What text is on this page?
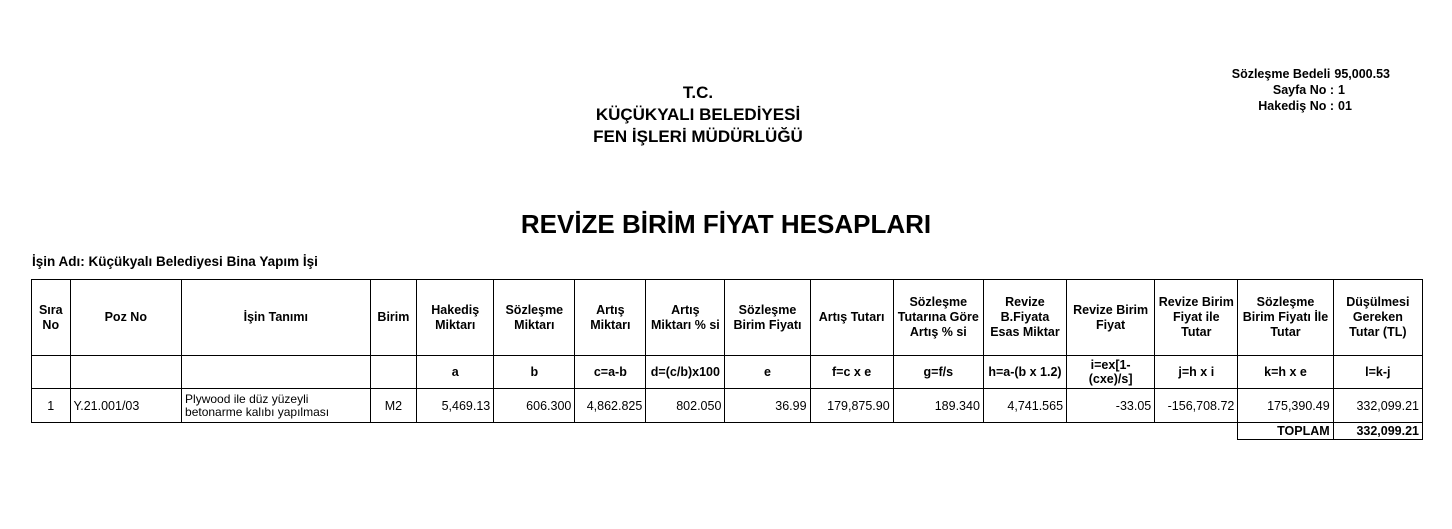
T.C.
KÜÇÜKYALI BELEDİYESİ
FEN İŞLERİ MÜDÜRLÜĞÜ
Sözleşme Bedeli 95,000.53
Sayfa No : 1
Hakediş No : 01
REVİZE BİRİM FİYAT HESAPLARI
İşin Adı: Küçükyalı Belediyesi Bina Yapım İşi
Sıra No	Poz No	İşin Tanımı	Birim	Hakediş Miktarı	Sözleşme Miktarı	Artış Miktarı	Artış Miktarı % si	Sözleşme Birim Fiyatı	Artış Tutarı	Sözleşme Tutarına Göre Artış % si	Revize B.Fiyata Esas Miktar	Revize Birim Fiyat	Revize Birim Fiyat ile Tutar	Sözleşme Birim Fiyatı İle Tutar	Düşülmesi Gereken Tutar (TL)
				a	b	c=a-b	d=(c/b)x100	e	f=c x e	g=f/s	h=a-(b x 1.2)	i=ex[1-(cxe)/s]	j=h x i	k=h x e	l=k-j
1	Y.21.001/03	Plywood ile düz yüzeyli betonarme kalıbı yapılması	M2	5,469.13	606.300	4,862.825	802.050	36.99	179,875.90	189.340	4,741.565	-33.05	-156,708.72	175,390.49	332,099.21
														TOPLAM	332,099.21
